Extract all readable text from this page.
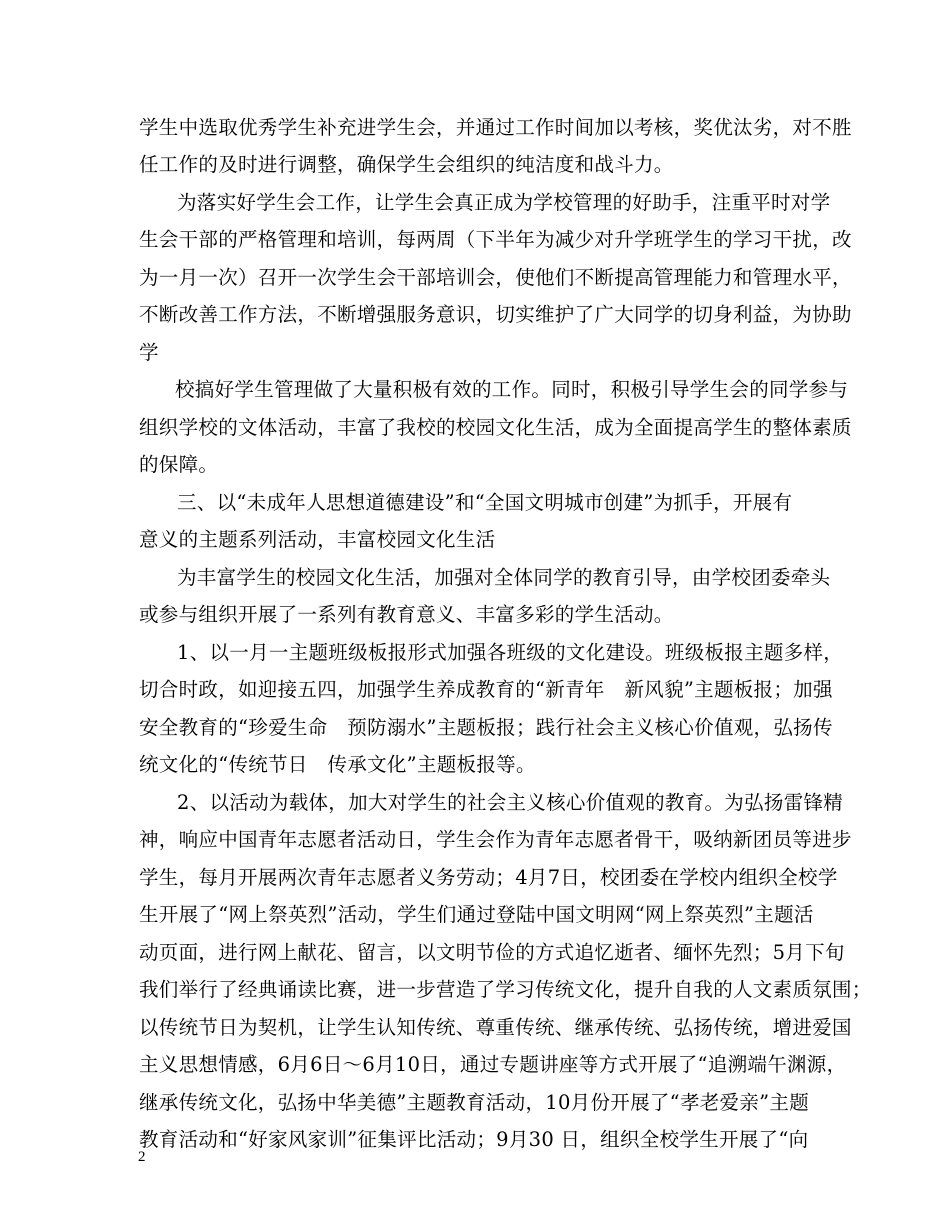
学生中选取优秀学生补充进学生会，并通过工作时间加以考核，奖优汰劣，对不胜
任工作的及时进行调整，确保学生会组织的纯洁度和战斗力。
为落实好学生会工作，让学生会真正成为学校管理的好助手，注重平时对学
生会干部的严格管理和培训，每两周（下半年为减少对升学班学生的学习干扰，改
为一月一次）召开一次学生会干部培训会，使他们不断提高管理能力和管理水平，
不断改善工作方法，不断增强服务意识，切实维护了广大同学的切身利益，为协助
学
校搞好学生管理做了大量积极有效的工作。同时，积极引导学生会的同学参与
组织学校的文体活动，丰富了我校的校园文化生活，成为全面提高学生的整体素质
的保障。
三、以“未成年人思想道德建设”和“全国文明城市创建”为抓手，开展有
意义的主题系列活动，丰富校园文化生活
为丰富学生的校园文化生活，加强对全体同学的教育引导，由学校团委牵头
或参与组织开展了一系列有教育意义、丰富多彩的学生活动。
1、以一月一主题班级板报形式加强各班级的文化建设。班级板报主题多样，
切合时政，如迎接五四，加强学生养成教育的“新青年　新风貌”主题板报；加强
安全教育的“珍爱生命　预防溺水”主题板报；践行社会主义核心价值观，弘扬传
统文化的“传统节日　传承文化”主题板报等。
2、以活动为载体，加大对学生的社会主义核心价值观的教育。为弘扬雷锋精
神，响应中国青年志愿者活动日，学生会作为青年志愿者骨干，吸纳新团员等进步
学生，每月开展两次青年志愿者义务劳动；4月7日，校团委在学校内组织全校学
生开展了“网上祭英烈”活动，学生们通过登陆中国文明网“网上祭英烈”主题活
动页面，进行网上献花、留言，以文明节俭的方式追忆逝者、缅怀先烈；5月下旬
我们举行了经典诵读比赛，进一步营造了学习传统文化，提升自我的人文素质氛围；
以传统节日为契机，让学生认知传统、尊重传统、继承传统、弘扬传统，增进爱国
主义思想情感，6月6日～6月10日，通过专题讲座等方式开展了“追溯端午渊源，
继承传统文化，弘扬中华美德”主题教育活动，10月份开展了“孝老爱亲”主题
教育活动和“好家风家训”征集评比活动；9月30 日，组织全校学生开展了“向
2
